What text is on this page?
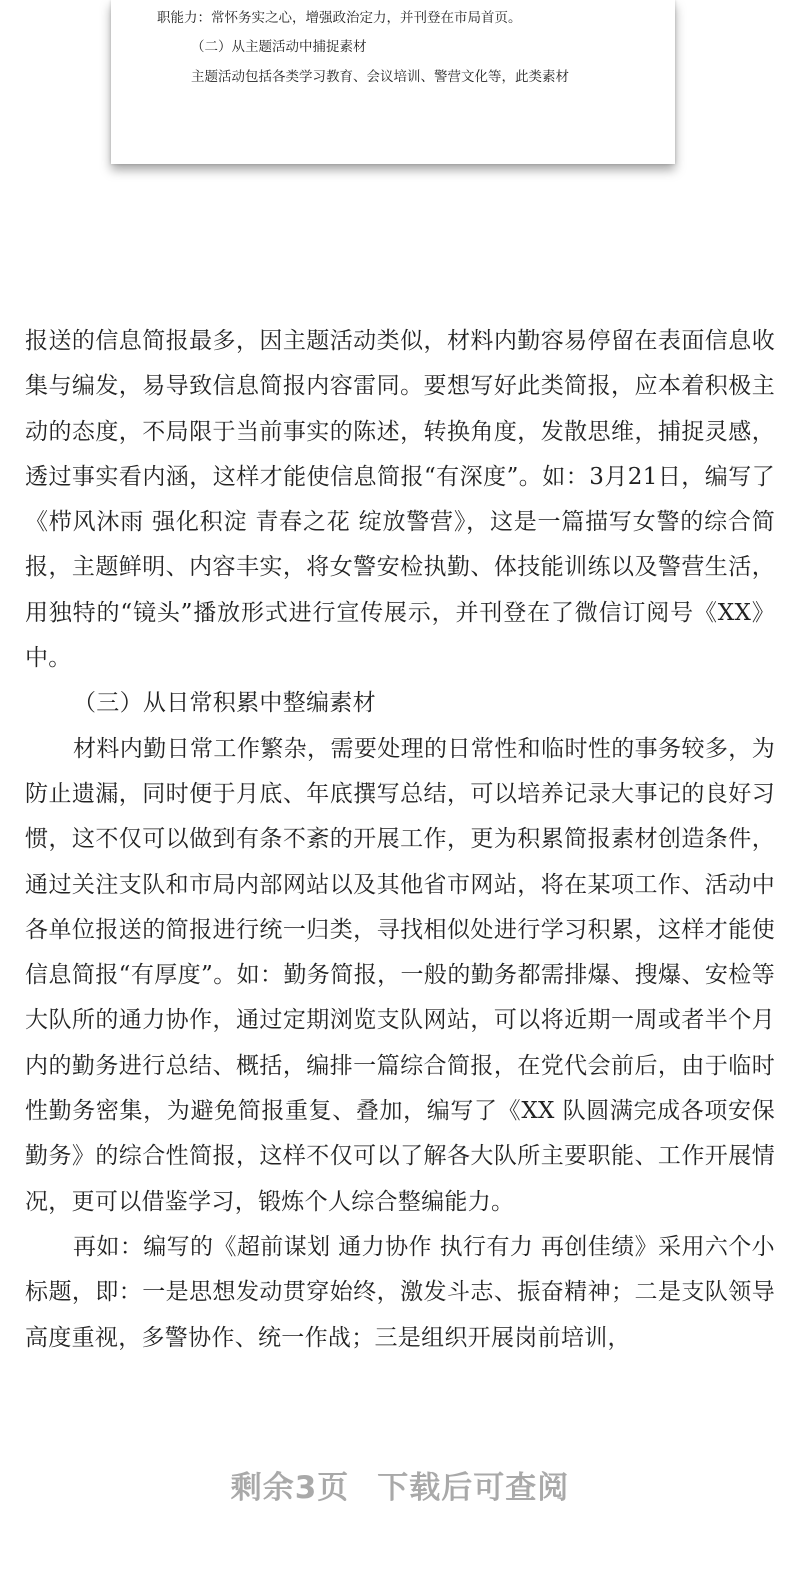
职能力：常怀务实之心，增强政治定力，并刊登在市局首页。

（二）从主题活动中捕捉素材

主题活动包括各类学习教育、会议培训、警营文化等，此类素材

报送的信息简报最多，因主题活动类似，材料内勤容易停留在表面信息收集与编发，易导致信息简报内容雷同。要想写好此类简报，应本着积极主动的态度，不局限于当前事实的陈述，转换角度，发散思维，捕捉灵感，透过事实看内涵，这样才能使信息简报“有深度”。如：3月21日，编写了《栉风沐雨 强化积淀 青春之花 绽放警营》，这是一篇描写女警的综合简报，主题鲜明、内容丰实，将女警安检执勤、体技能训练以及警营生活，用独特的“镜头”播放形式进行宣传展示，并刊登在了微信订阅号《XX》中。

（三）从日常积累中整编素材

材料内勤日常工作繁杂，需要处理的日常性和临时性的事务较多，为防止遗漏，同时便于月底、年底撰写总结，可以培养记录大事记的良好习惯，这不仅可以做到有条不紊的开展工作，更为积累简报素材创造条件，通过关注支队和市局内部网站以及其他省市网站，将在某项工作、活动中各单位报送的简报进行统一归类，寻找相似处进行学习积累，这样才能使信息简报“有厚度”。如：勤务简报，一般的勤务都需排爆、搜爆、安检等大队所的通力协作，通过定期浏览支队网站，可以将近期一周或者半个月内的勤务进行总结、概括，编排一篇综合简报，在党代会前后，由于临时性勤务密集，为避免简报重复、叠加，编写了《XX 队圆满完成各项安保勤务》的综合性简报，这样不仅可以了解各大队所主要职能、工作开展情况，更可以借鉴学习，锻炼个人综合整编能力。

再如：编写的《超前谋划 通力协作 执行有力 再创佳绩》采用六个小标题，即：一是思想发动贯穿始终，激发斗志、振奋精神；二是支队领导高度重视，多警协作、统一作战；三是组织开展岗前培训，

剩余3页 下载后可查阅
